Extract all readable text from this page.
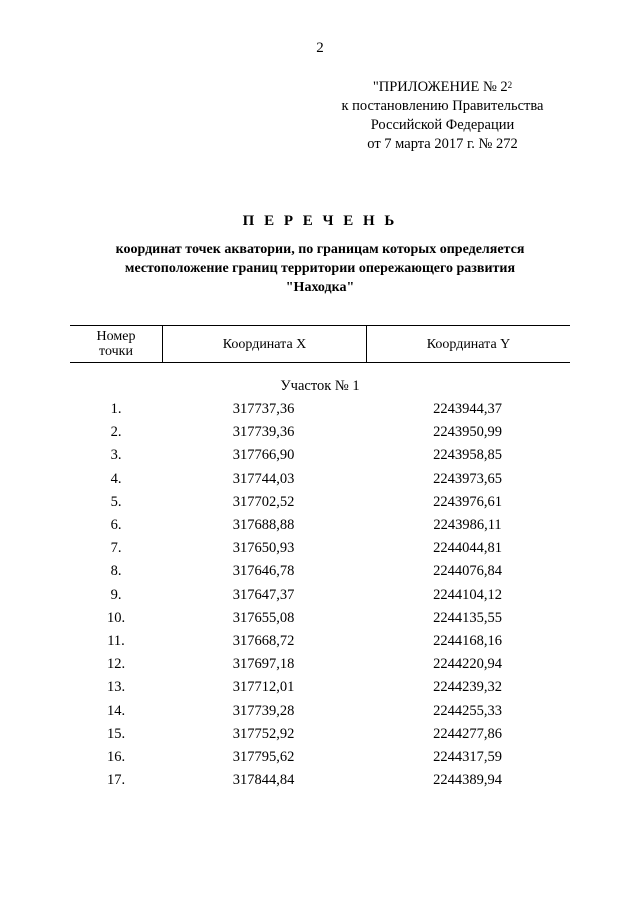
2
"ПРИЛОЖЕНИЕ № $2^2$
к постановлению Правительства
Российской Федерации
от 7 марта 2017 г. № 272
П Е Р Е Ч Е Н Ь
координат точек акватории, по границам которых определяется
местоположение границ территории опережающего развития
"Находка"
Номер
точки	Координата X	Координата Y
Участок № 1
1.	317737,36	2243944,37
2.	317739,36	2243950,99
3.	317766,90	2243958,85
4.	317744,03	2243973,65
5.	317702,52	2243976,61
6.	317688,88	2243986,11
7.	317650,93	2244044,81
8.	317646,78	2244076,84
9.	317647,37	2244104,12
10.	317655,08	2244135,55
11.	317668,72	2244168,16
12.	317697,18	2244220,94
13.	317712,01	2244239,32
14.	317739,28	2244255,33
15.	317752,92	2244277,86
16.	317795,62	2244317,59
17.	317844,84	2244389,94
